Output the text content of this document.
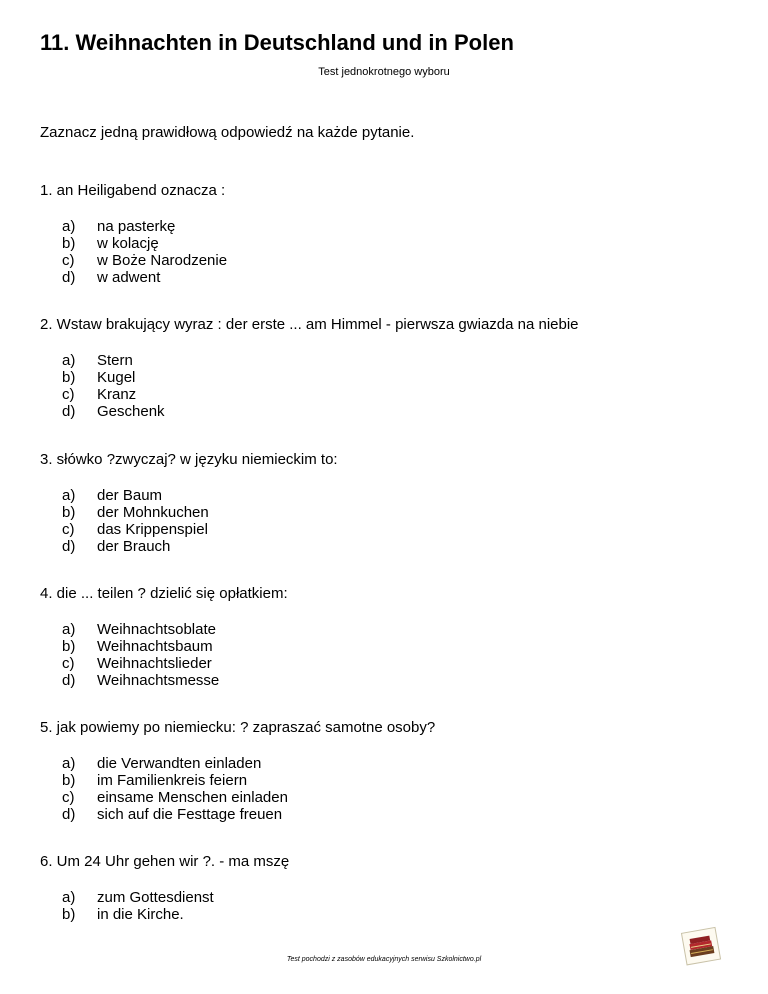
11. Weihnachten in Deutschland und in Polen
Test jednokrotnego wyboru
Zaznacz jedną prawidłową odpowiedź na każde pytanie.
1. an Heiligabend oznacza :
a)	na pasterkę
b)	w kolację
c)	w Boże Narodzenie
d)	w adwent
2. Wstaw brakujący wyraz : der erste ... am Himmel - pierwsza gwiazda na niebie
a)	Stern
b)	Kugel
c)	Kranz
d)	Geschenk
3. słówko ?zwyczaj? w języku niemieckim to:
a)	der Baum
b)	der Mohnkuchen
c)	das Krippenspiel
d)	der Brauch
4. die ... teilen ? dzielić się opłatkiem:
a)	Weihnachtsoblate
b)	Weihnachtsbaum
c)	Weihnachtslieder
d)	Weihnachtsmesse
5. jak powiemy po niemiecku: ? zapraszać samotne osoby?
a)	die Verwandten einladen
b)	im Familienkreis feiern
c)	einsame Menschen einladen
d)	sich auf die Festtage freuen
6. Um 24 Uhr gehen wir ?. - ma mszę
a)	zum Gottesdienst
b)	in die Kirche.
Test pochodzi z zasobów edukacyjnych serwisu Szkolnictwo.pl
